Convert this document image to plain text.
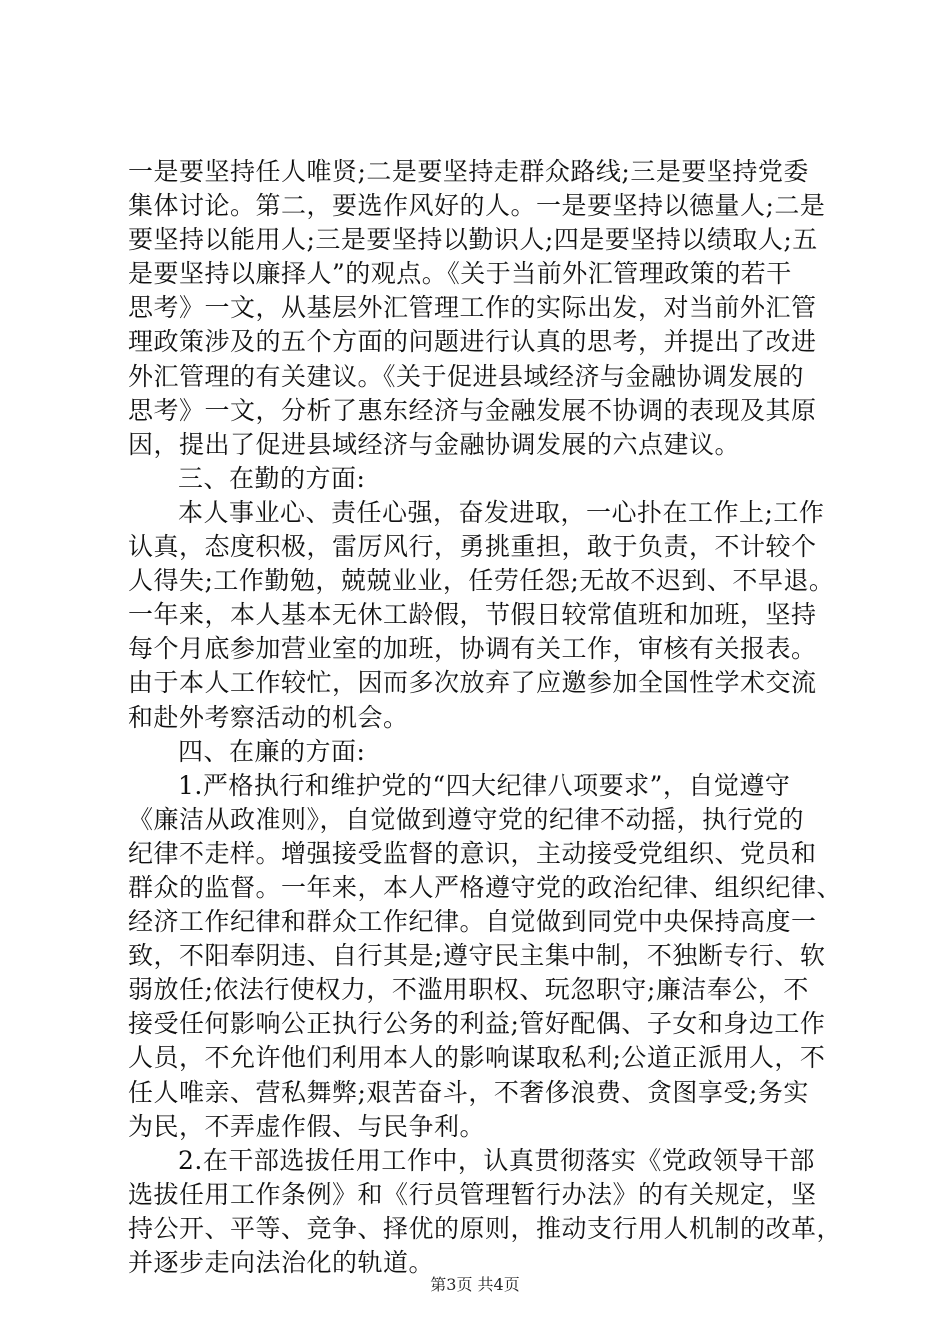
一是要坚持任人唯贤;二是要坚持走群众路线;三是要坚持党委
集体讨论。第二，要选作风好的人。一是要坚持以德量人;二是
要坚持以能用人;三是要坚持以勤识人;四是要坚持以绩取人;五
是要坚持以廉择人”的观点。《关于当前外汇管理政策的若干
思考》一文，从基层外汇管理工作的实际出发，对当前外汇管
理政策涉及的五个方面的问题进行认真的思考，并提出了改进
外汇管理的有关建议。《关于促进县域经济与金融协调发展的
思考》一文，分析了惠东经济与金融发展不协调的表现及其原
因，提出了促进县域经济与金融协调发展的六点建议。
三、在勤的方面:
本人事业心、责任心强，奋发进取，一心扑在工作上;工作
认真，态度积极，雷厉风行，勇挑重担，敢于负责，不计较个
人得失;工作勤勉，兢兢业业，任劳任怨;无故不迟到、不早退。
一年来，本人基本无休工龄假，节假日较常值班和加班，坚持
每个月底参加营业室的加班，协调有关工作，审核有关报表。
由于本人工作较忙，因而多次放弃了应邀参加全国性学术交流
和赴外考察活动的机会。
四、在廉的方面:
1.严格执行和维护党的“四大纪律八项要求”，自觉遵守
《廉洁从政准则》，自觉做到遵守党的纪律不动摇，执行党的
纪律不走样。增强接受监督的意识，主动接受党组织、党员和
群众的监督。一年来，本人严格遵守党的政治纪律、组织纪律、
经济工作纪律和群众工作纪律。自觉做到同党中央保持高度一
致，不阳奉阴违、自行其是;遵守民主集中制，不独断专行、软
弱放任;依法行使权力，不滥用职权、玩忽职守;廉洁奉公，不
接受任何影响公正执行公务的利益;管好配偶、子女和身边工作
人员，不允许他们利用本人的影响谋取私利;公道正派用人，不
任人唯亲、营私舞弊;艰苦奋斗，不奢侈浪费、贪图享受;务实
为民，不弄虚作假、与民争利。
2.在干部选拔任用工作中，认真贯彻落实《党政领导干部
选拔任用工作条例》和《行员管理暂行办法》的有关规定，坚
持公开、平等、竞争、择优的原则，推动支行用人机制的改革，
并逐步走向法治化的轨道。
第3页 共4页
